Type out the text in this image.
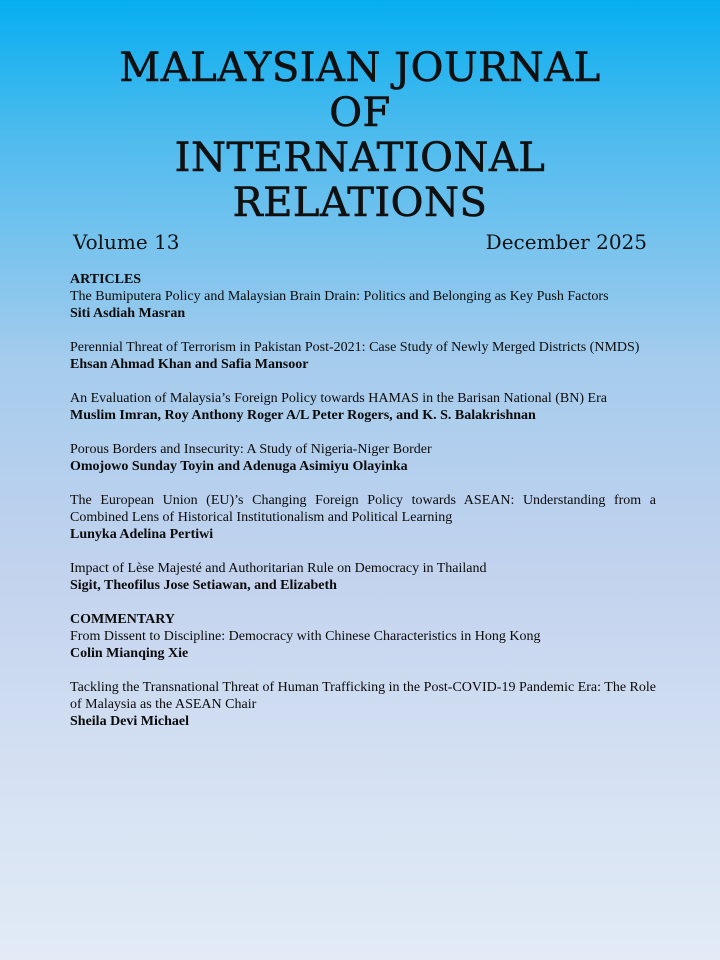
MALAYSIAN JOURNAL
OF
INTERNATIONAL
RELATIONS
Volume 13	December 2025
ARTICLES
The Bumiputera Policy and Malaysian Brain Drain: Politics and Belonging as Key Push Factors
Siti Asdiah Masran
Perennial Threat of Terrorism in Pakistan Post-2021: Case Study of Newly Merged Districts (NMDS)
Ehsan Ahmad Khan and Safia Mansoor
An Evaluation of Malaysia’s Foreign Policy towards HAMAS in the Barisan National (BN) Era
Muslim Imran, Roy Anthony Roger A/L Peter Rogers, and K. S. Balakrishnan
Porous Borders and Insecurity: A Study of Nigeria-Niger Border
Omojowo Sunday Toyin and Adenuga Asimiyu Olayinka
The European Union (EU)’s Changing Foreign Policy towards ASEAN: Understanding from a Combined Lens of Historical Institutionalism and Political Learning
Lunyka Adelina Pertiwi
Impact of Lèse Majesté and Authoritarian Rule on Democracy in Thailand
Sigit, Theofilus Jose Setiawan, and Elizabeth
COMMENTARY
From Dissent to Discipline: Democracy with Chinese Characteristics in Hong Kong
Colin Mianqing Xie
Tackling the Transnational Threat of Human Trafficking in the Post-COVID-19 Pandemic Era: The Role of Malaysia as the ASEAN Chair
Sheila Devi Michael
